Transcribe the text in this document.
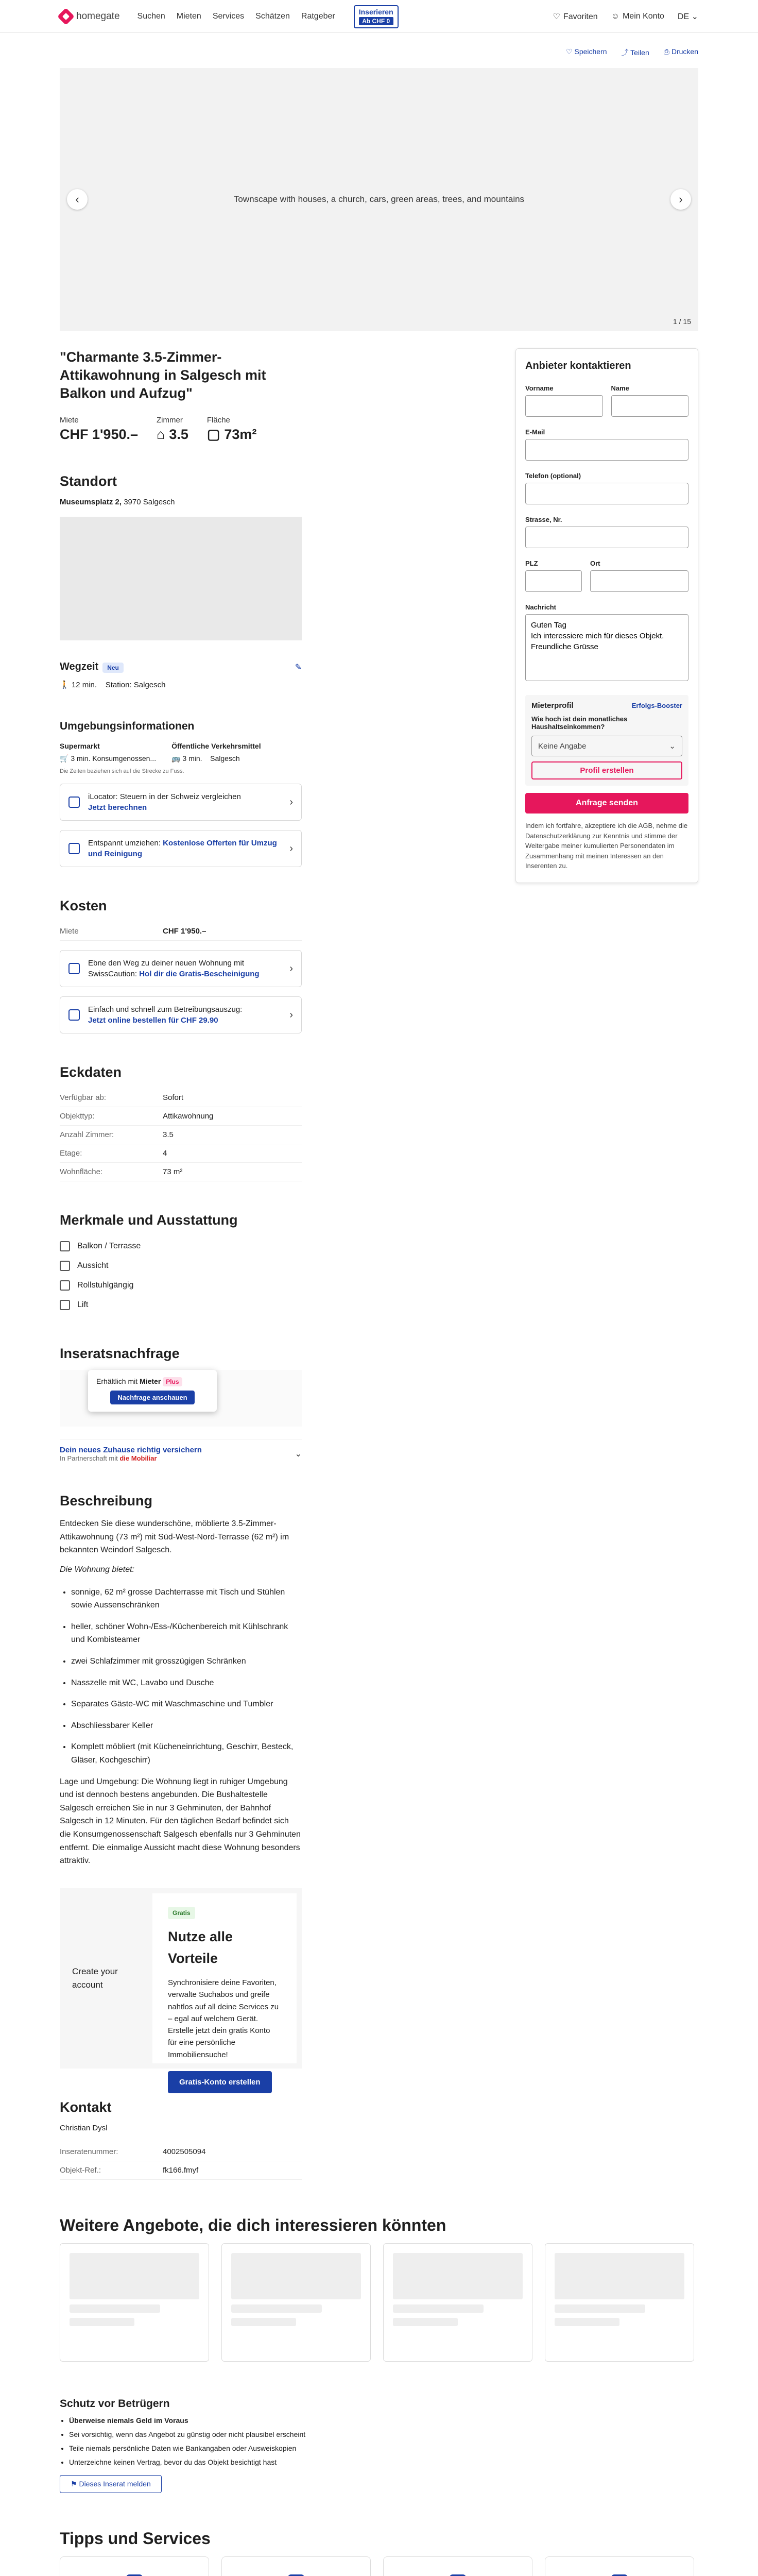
homegate Suchen Mieten Services Schätzen Ratgeber
Inserieren
Ab CHF 0	♡ Favoriten ☺ Mein Konto DE ⌄
♡ Speichern ⤴ Teilen ⎙ Drucken
Townscape with houses, a church, cars, green areas, trees, and mountains
‹	›
1 / 15
"Charmante 3.5-Zimmer-Attikawohnung in Salgesch mit Balkon und Aufzug"
Miete
CHF 1'950.–
Zimmer
⌂ 3.5
Fläche
▢ 73m²
Standort
Museumsplatz 2, 3970 Salgesch
Wegzeit Neu	✎
🚶 12 min. Station: Salgesch
Umgebungsinformationen
Supermarkt
🛒 3 min. Konsumgenossen...
Öffentliche Verkehrsmittel
🚌 3 min. Salgesch
Die Zeiten beziehen sich auf die Strecke zu Fuss.
iLocator: Steuern in der Schweiz vergleichen
Jetzt berechnen	›
Entspannt umziehen: Kostenlose Offerten für Umzug und Reinigung	›
Kosten
Miete	CHF 1'950.–
Ebne den Weg zu deiner neuen Wohnung mit SwissCaution: Hol dir die Gratis-Bescheinigung	›
Einfach und schnell zum Betreibungsauszug:
Jetzt online bestellen für CHF 29.90	›
Eckdaten
Verfügbar ab:	Sofort
Objekttyp:	Attikawohnung
Anzahl Zimmer:	3.5
Etage:	4
Wohnfläche:	73 m²
Merkmale und Ausstattung
Balkon / Terrasse
Aussicht
Rollstuhlgängig
Lift
Inseratsnachfrage
Erhältlich mit Mieter Plus
Nachfrage anschauen
Dein neues Zuhause richtig versichern
In Partnerschaft mit die Mobiliar	⌄
Beschreibung

Entdecken Sie diese wunderschöne, möblierte 3.5-Zimmer-Attikawohnung (73 m²) mit Süd-West-Nord-Terrasse (62 m²) im bekannten Weindorf Salgesch.

Die Wohnung bietet:

• sonnige, 62 m² grosse Dachterrasse mit Tisch und Stühlen sowie Aussenschränken
• heller, schöner Wohn-/Ess-/Küchenbereich mit Kühlschrank und Kombisteamer
• zwei Schlafzimmer mit grosszügigen Schränken
• Nasszelle mit WC, Lavabo und Dusche
• Separates Gäste-WC mit Waschmaschine und Tumbler
• Abschliessbarer Keller
• Komplett möbliert (mit Kücheneinrichtung, Geschirr, Besteck, Gläser, Kochgeschirr)

Lage und Umgebung: Die Wohnung liegt in ruhiger Umgebung und ist dennoch bestens angebunden. Die Bushaltestelle Salgesch erreichen Sie in nur 3 Gehminuten, der Bahnhof Salgesch in 12 Minuten. Für den täglichen Bedarf befindet sich die Konsumgenossenschaft Salgesch ebenfalls nur 3 Gehminuten entfernt. Die einmalige Aussicht macht diese Wohnung besonders attraktiv.

Create your account
Gratis
Nutze alle Vorteile
Synchronisiere deine Favoriten, verwalte Suchabos und greife nahtlos auf all deine Services zu – egal auf welchem Gerät. Erstelle jetzt dein gratis Konto für eine persönliche Immobiliensuche!
Gratis-Konto erstellen
Kontakt
Christian Dysl
Inseratenummer:	4002505094
Objekt-Ref.:	fk166.fmyf
Anbieter kontaktieren
Vorname	Name
E-Mail
Telefon (optional)
Strasse, Nr.
PLZ	Ort
Nachricht
Guten Tag Ich interessiere mich für dieses Objekt. Freundliche Grüsse
Mieterprofil	Erfolgs-Booster
Wie hoch ist dein monatliches Haushaltseinkommen?
Keine Angabe	⌄
Profil erstellen
Anfrage senden
Indem ich fortfahre, akzeptiere ich die AGB, nehme die Datenschutzerklärung zur Kenntnis und stimme der Weitergabe meiner kumulierten Personendaten im Zusammenhang mit meinen Interessen an den Inserenten zu.
Weitere Angebote, die dich interessieren könnten
Schutz vor Betrügern
• Überweise niemals Geld im Voraus
• Sei vorsichtig, wenn das Angebot zu günstig oder nicht plausibel erscheint
• Teile niemals persönliche Daten wie Bankangaben oder Ausweiskopien
• Unterzeichne keinen Vertrag, bevor du das Objekt besichtigt hast
⚑ Dieses Inserat melden
Tipps und Services
